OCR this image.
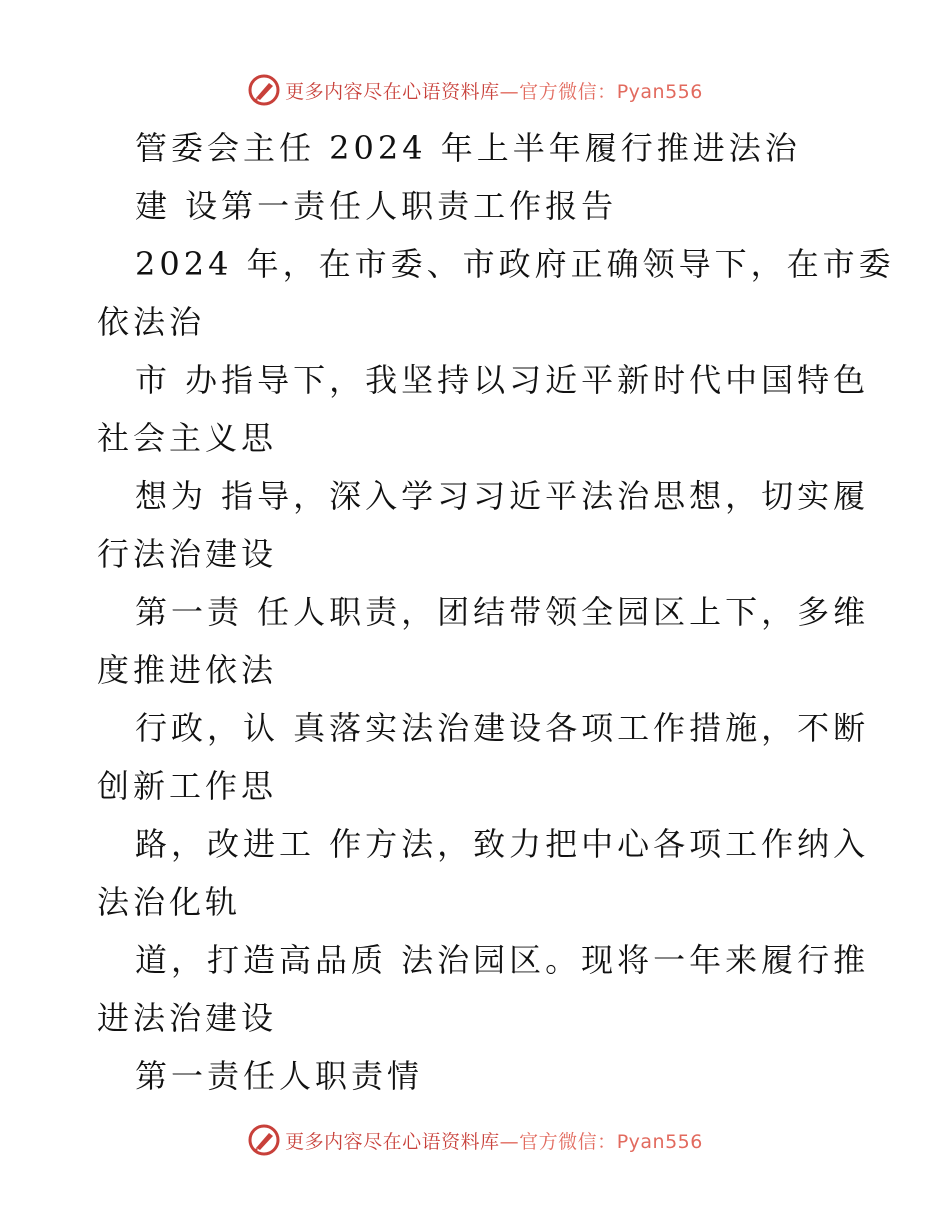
更多内容尽在心语资料库—官方微信：Pyan556
管委会主任 2024 年上半年履行推进法治
建 设第一责任人职责工作报告
2024 年，在市委、市政府正确领导下，在市委
依法治
市 办指导下，我坚持以习近平新时代中国特色
社会主义思
想为 指导，深入学习习近平法治思想，切实履
行法治建设
第一责 任人职责，团结带领全园区上下，多维
度推进依法
行政，认 真落实法治建设各项工作措施，不断
创新工作思
路，改进工 作方法，致力把中心各项工作纳入
法治化轨
道，打造高品质 法治园区。现将一年来履行推
进法治建设
第一责任人职责情
更多内容尽在心语资料库—官方微信：Pyan556
